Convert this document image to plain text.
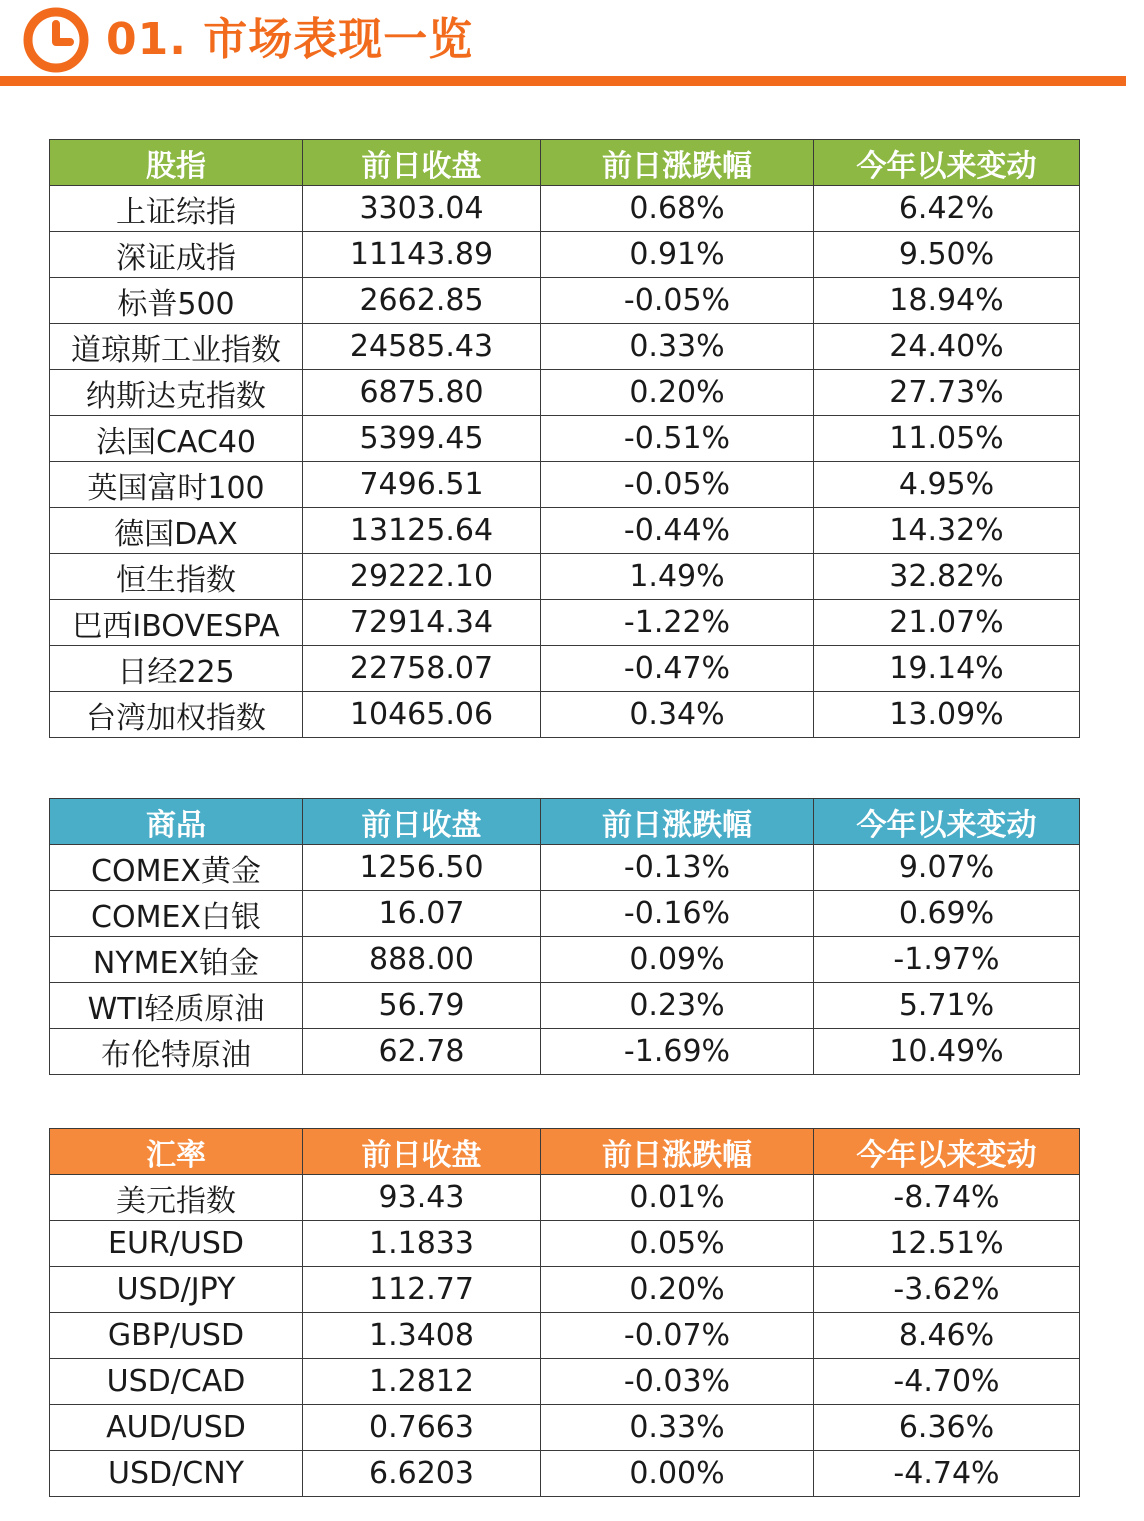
01. 市场表现一览
股指	前日收盘	前日涨跌幅	今年以来变动
上证综指	3303.04	0.68%	6.42%
深证成指	11143.89	0.91%	9.50%
标普500	2662.85	-0.05%	18.94%
道琼斯工业指数	24585.43	0.33%	24.40%
纳斯达克指数	6875.80	0.20%	27.73%
法国CAC40	5399.45	-0.51%	11.05%
英国富时100	7496.51	-0.05%	4.95%
德国DAX	13125.64	-0.44%	14.32%
恒生指数	29222.10	1.49%	32.82%
巴西IBOVESPA	72914.34	-1.22%	21.07%
日经225	22758.07	-0.47%	19.14%
台湾加权指数	10465.06	0.34%	13.09%
商品	前日收盘	前日涨跌幅	今年以来变动
COMEX黄金	1256.50	-0.13%	9.07%
COMEX白银	16.07	-0.16%	0.69%
NYMEX铂金	888.00	0.09%	-1.97%
WTI轻质原油	56.79	0.23%	5.71%
布伦特原油	62.78	-1.69%	10.49%
汇率	前日收盘	前日涨跌幅	今年以来变动
美元指数	93.43	0.01%	-8.74%
EUR/USD	1.1833	0.05%	12.51%
USD/JPY	112.77	0.20%	-3.62%
GBP/USD	1.3408	-0.07%	8.46%
USD/CAD	1.2812	-0.03%	-4.70%
AUD/USD	0.7663	0.33%	6.36%
USD/CNY	6.6203	0.00%	-4.74%
